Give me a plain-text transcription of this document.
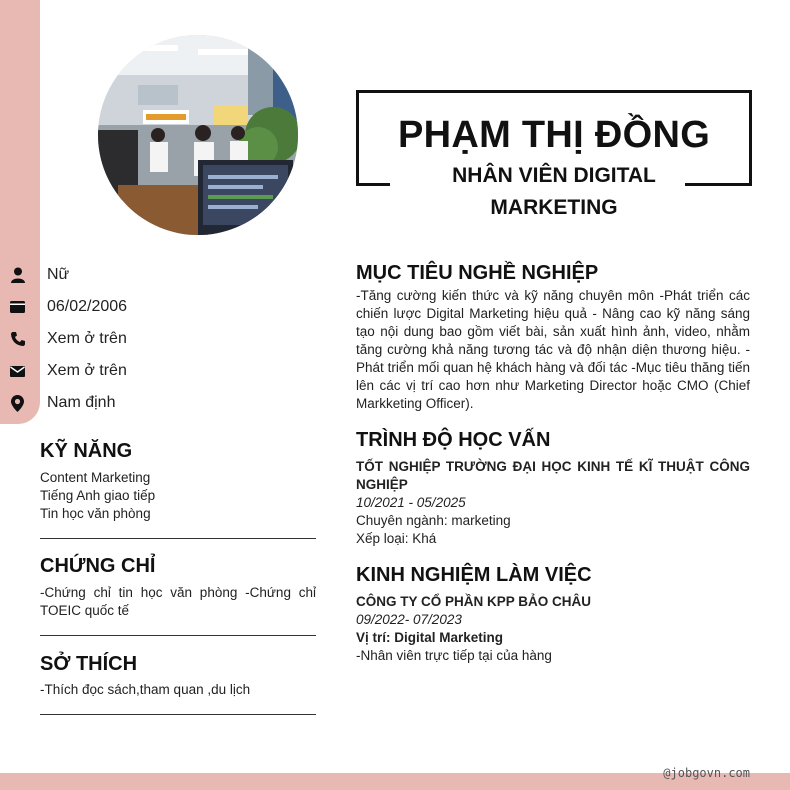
@jobgovn.com
PHẠM THỊ ĐỒNG
NHÂN VIÊN DIGITAL
MARKETING
Nữ
06/02/2006
Xem ở trên
Xem ở trên
Nam định
KỸ NĂNG
Content Marketing
Tiếng Anh giao tiếp
Tin học văn phòng
CHỨNG CHỈ
-Chứng chỉ tin học văn phòng -Chứng chỉ TOEIC quốc tế
SỞ THÍCH
-Thích đọc sách,tham quan ,du lịch
MỤC TIÊU NGHỀ NGHIỆP
-Tăng cường kiến thức và kỹ năng chuyên môn -Phát triển các chiến lược Digital Marketing hiệu quả - Nâng cao kỹ năng sáng tạo nội dung bao gồm viết bài, sản xuất hình ảnh, video, nhằm tăng cường khả năng tương tác và độ nhận diện thương hiệu. - Phát triển mối quan hệ khách hàng và đối tác -Mục tiêu thăng tiến lên các vị trí cao hơn như Marketing Director hoặc CMO (Chief Markketing Officer).
TRÌNH ĐỘ HỌC VẤN
TỐT NGHIỆP TRƯỜNG ĐẠI HỌC KINH TẾ KĨ THUẬT CÔNG NGHIỆP
10/2021 - 05/2025
Chuyên ngành: marketing
Xếp loại: Khá
KINH NGHIỆM LÀM VIỆC
CÔNG TY CỔ PHẦN KPP BẢO CHÂU
09/2022- 07/2023
Vị trí: Digital Marketing
-Nhân viên trực tiếp tại của hàng
